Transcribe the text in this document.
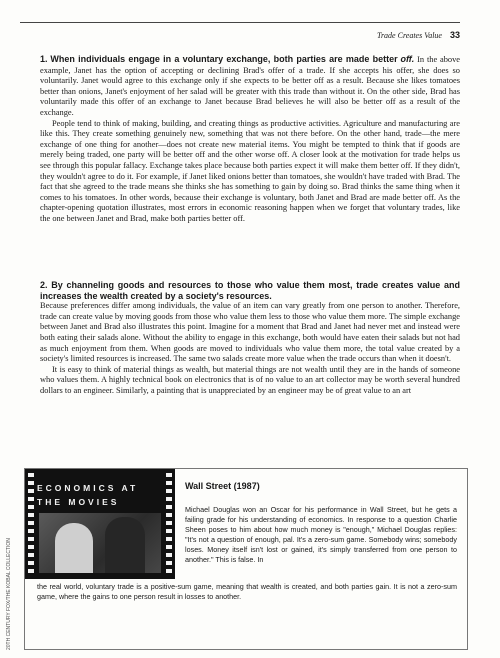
Trade Creates Value 33

1. When individuals engage in a voluntary exchange, both parties are made better off. In the above example, Janet has the option of accepting or declining Brad's offer of a trade. If she accepts his offer, she does so voluntarily. Janet would agree to this exchange only if she expects to be better off as a result. Because she likes tomatoes better than onions, Janet's enjoyment of her salad will be greater with this trade than without it. On the other side, Brad has voluntarily made this offer of an exchange to Janet because Brad believes he will also be better off as a result of the exchange.

People tend to think of making, building, and creating things as productive activities. Agriculture and manufacturing are like this. They create something genuinely new, something that was not there before. On the other hand, trade—the mere exchange of one thing for another—does not create new material items. You might be tempted to think that if goods are merely being traded, one party will be better off and the other worse off. A closer look at the motivation for trade helps us see through this popular fallacy. Exchange takes place because both parties expect it will make them better off. If they didn't, they wouldn't agree to do it. For example, if Janet liked onions better than tomatoes, she wouldn't have traded with Brad. The fact that she agreed to the trade means she thinks she has something to gain by doing so. Brad thinks the same thing when it comes to his tomatoes. In other words, because their exchange is voluntary, both Janet and Brad are made better off. As the chapter-opening quotation illustrates, most errors in economic reasoning happen when we forget that voluntary trades, like the one between Janet and Brad, make both parties better off.

2. By channeling goods and resources to those who value them most, trade creates value and increases the wealth created by a society's resources.

Because preferences differ among individuals, the value of an item can vary greatly from one person to another. Therefore, trade can create value by moving goods from those who value them less to those who value them more. The simple exchange between Janet and Brad also illustrates this point. Imagine for a moment that Brad and Janet had never met and instead were both eating their salads alone. Without the ability to engage in this exchange, both would have eaten their salads but not had as much enjoyment from them. When goods are moved to individuals who value them more, the total value created by a society's limited resources is increased. The same two salads create more value when the trade occurs than when it doesn't.

It is easy to think of material things as wealth, but material things are not wealth until they are in the hands of someone who values them. A highly technical book on electronics that is of no value to an art collector may be worth several hundred dollars to an engineer. Similarly, a painting that is unappreciated by an engineer may be of great value to an art

20TH CENTURY FOX/THE KOBAL COLLECTION
ECONOMICS AT THE MOVIES
Wall Street (1987)
Michael Douglas won an Oscar for his performance in Wall Street, but he gets a failing grade for his understanding of economics. In response to a question Charlie Sheen poses to him about how much money is "enough," Michael Douglas replies: "It's not a question of enough, pal. It's a zero-sum game. Somebody wins; somebody loses. Money itself isn't lost or gained, it's simply transferred from one person to another." This is false. In
the real world, voluntary trade is a positive-sum game, meaning that wealth is created, and both parties gain. It is not a zero-sum game, where the gains to one person result in losses to another.
